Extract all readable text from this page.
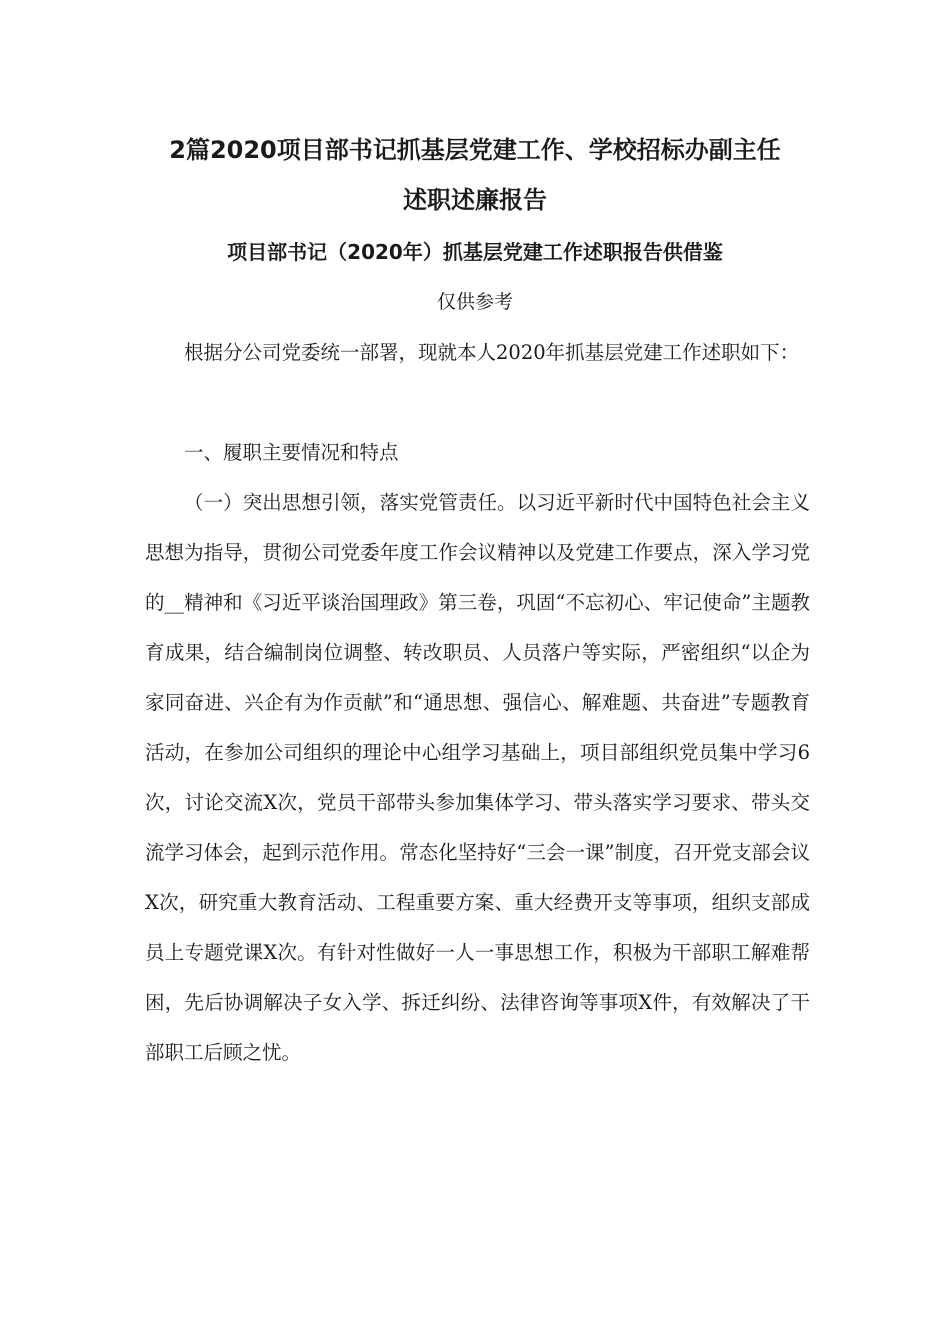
2篇2020项目部书记抓基层党建工作、学校招标办副主任
述职述廉报告
项目部书记（2020年）抓基层党建工作述职报告供借鉴

仅供参考

根据分公司党委统一部署，现就本人2020年抓基层党建工作述职如下：

一、履职主要情况和特点

（一）突出思想引领，落实党管责任。以习近平新时代中国特色社会主义思想为指导，贯彻公司党委年度工作会议精神以及党建工作要点，深入学习党的__精神和《习近平谈治国理政》第三卷，巩固“不忘初心、牢记使命”主题教育成果，结合编制岗位调整、转改职员、人员落户等实际，严密组织“以企为家同奋进、兴企有为作贡献”和“通思想、强信心、解难题、共奋进”专题教育活动，在参加公司组织的理论中心组学习基础上，项目部组织党员集中学习6次，讨论交流X次，党员干部带头参加集体学习、带头落实学习要求、带头交流学习体会，起到示范作用。常态化坚持好“三会一课”制度，召开党支部会议X次，研究重大教育活动、工程重要方案、重大经费开支等事项，组织支部成员上专题党课X次。有针对性做好一人一事思想工作，积极为干部职工解难帮困，先后协调解决子女入学、拆迁纠纷、法律咨询等事项X件，有效解决了干部职工后顾之忧。
